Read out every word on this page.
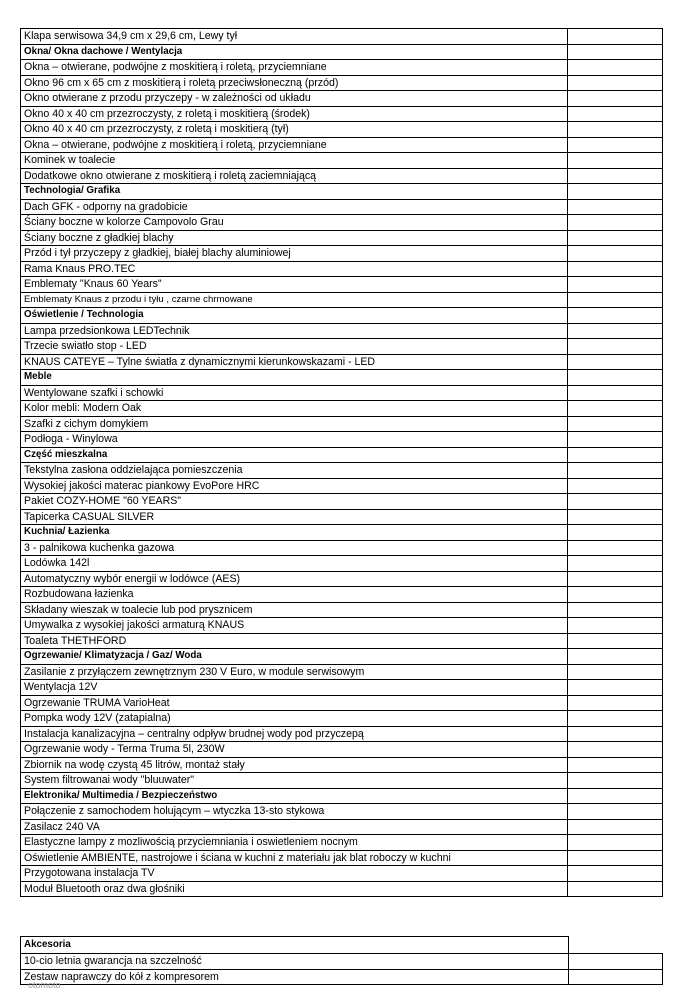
Klapa serwisowa 34,9 cm x 29,6 cm, Lewy tył	
Okna/ Okna dachowe / Wentylacja	
Okna – otwierane, podwójne z moskitierą i roletą, przyciemniane	
Okno 96 cm x 65 cm z moskitierą i roletą przeciwsłoneczną (przód)	
Okno otwierane z przodu przyczepy - w zależności od układu	
Okno 40 x 40 cm przezroczysty, z roletą i moskitierą (środek)	
Okno 40 x 40 cm przezroczysty, z roletą i moskitierą (tył)	
Okna – otwierane, podwójne z moskitierą i roletą, przyciemniane	
Kominek w toalecie	
Dodatkowe okno otwierane z moskitierą i roletą zaciemniającą	
Technologia/ Grafika	
Dach GFK - odporny na gradobicie	
Ściany boczne w kolorze Campovolo Grau	
Ściany boczne z gładkiej blachy	
Przód i tył przyczepy z gładkiej, białej blachy aluminiowej	
Rama Knaus PRO.TEC	
Emblematy "Knaus 60 Years"	
Emblematy Knaus z przodu i tyłu , czarne chrmowane	
Oświetlenie / Technologia	
Lampa przedsionkowa LEDTechnik	
Trzecie swiatło stop - LED	
KNAUS CATEYE – Tylne światła z dynamicznymi kierunkowskazami - LED	
Meble	
Wentylowane szafki i schowki	
Kolor mebli: Modern Oak	
Szafki z cichym domykiem	
Podłoga - Winylowa	
Część mieszkalna	
Tekstylna zasłona oddzielająca pomieszczenia	
Wysokiej jakości materac piankowy EvoPore HRC	
Pakiet COZY-HOME "60 YEARS"	
Tapicerka CASUAL SILVER	
Kuchnia/ Łazienka	
3 - palnikowa kuchenka gazowa	
Lodówka 142l	
Automatyczny wybór energii w lodówce (AES)	
Rozbudowana łazienka	
Składany wieszak w toalecie lub pod prysznicem	
Umywalka z wysokiej jakości armaturą KNAUS	
Toaleta THETHFORD	
Ogrzewanie/ Klimatyzacja / Gaz/ Woda	
Zasilanie z przyłączem zewnętrznym 230 V Euro, w module serwisowym	
Wentylacja 12V	
Ogrzewanie TRUMA VarioHeat	
Pompka wody 12V (zatapialna)	
Instalacja kanalizacyjna – centralny odpływ brudnej wody pod przyczepą	
Ogrzewanie wody - Terma Truma 5l, 230W	
Zbiornik na wodę czystą 45 litrów, montaż stały	
System filtrowanai wody "bluuwater"	
Elektronika/ Multimedia / Bezpieczeństwo	
Połączenie z samochodem holującym – wtyczka 13-sto stykowa	
Zasilacz 240 VA	
Elastyczne lampy z mozliwością przyciemniania i oswietleniem nocnym	
Oświetlenie AMBIENTE, nastrojowe i ściana w kuchni z materiału jak blat roboczy w kuchni	
Przygotowana instalacja TV	
Moduł Bluetooth oraz dwa głośniki	
Akcesoria	
10-cio letnia gwarancja na szczelność	
Zestaw naprawczy do kół z kompresorem	
otomoto
